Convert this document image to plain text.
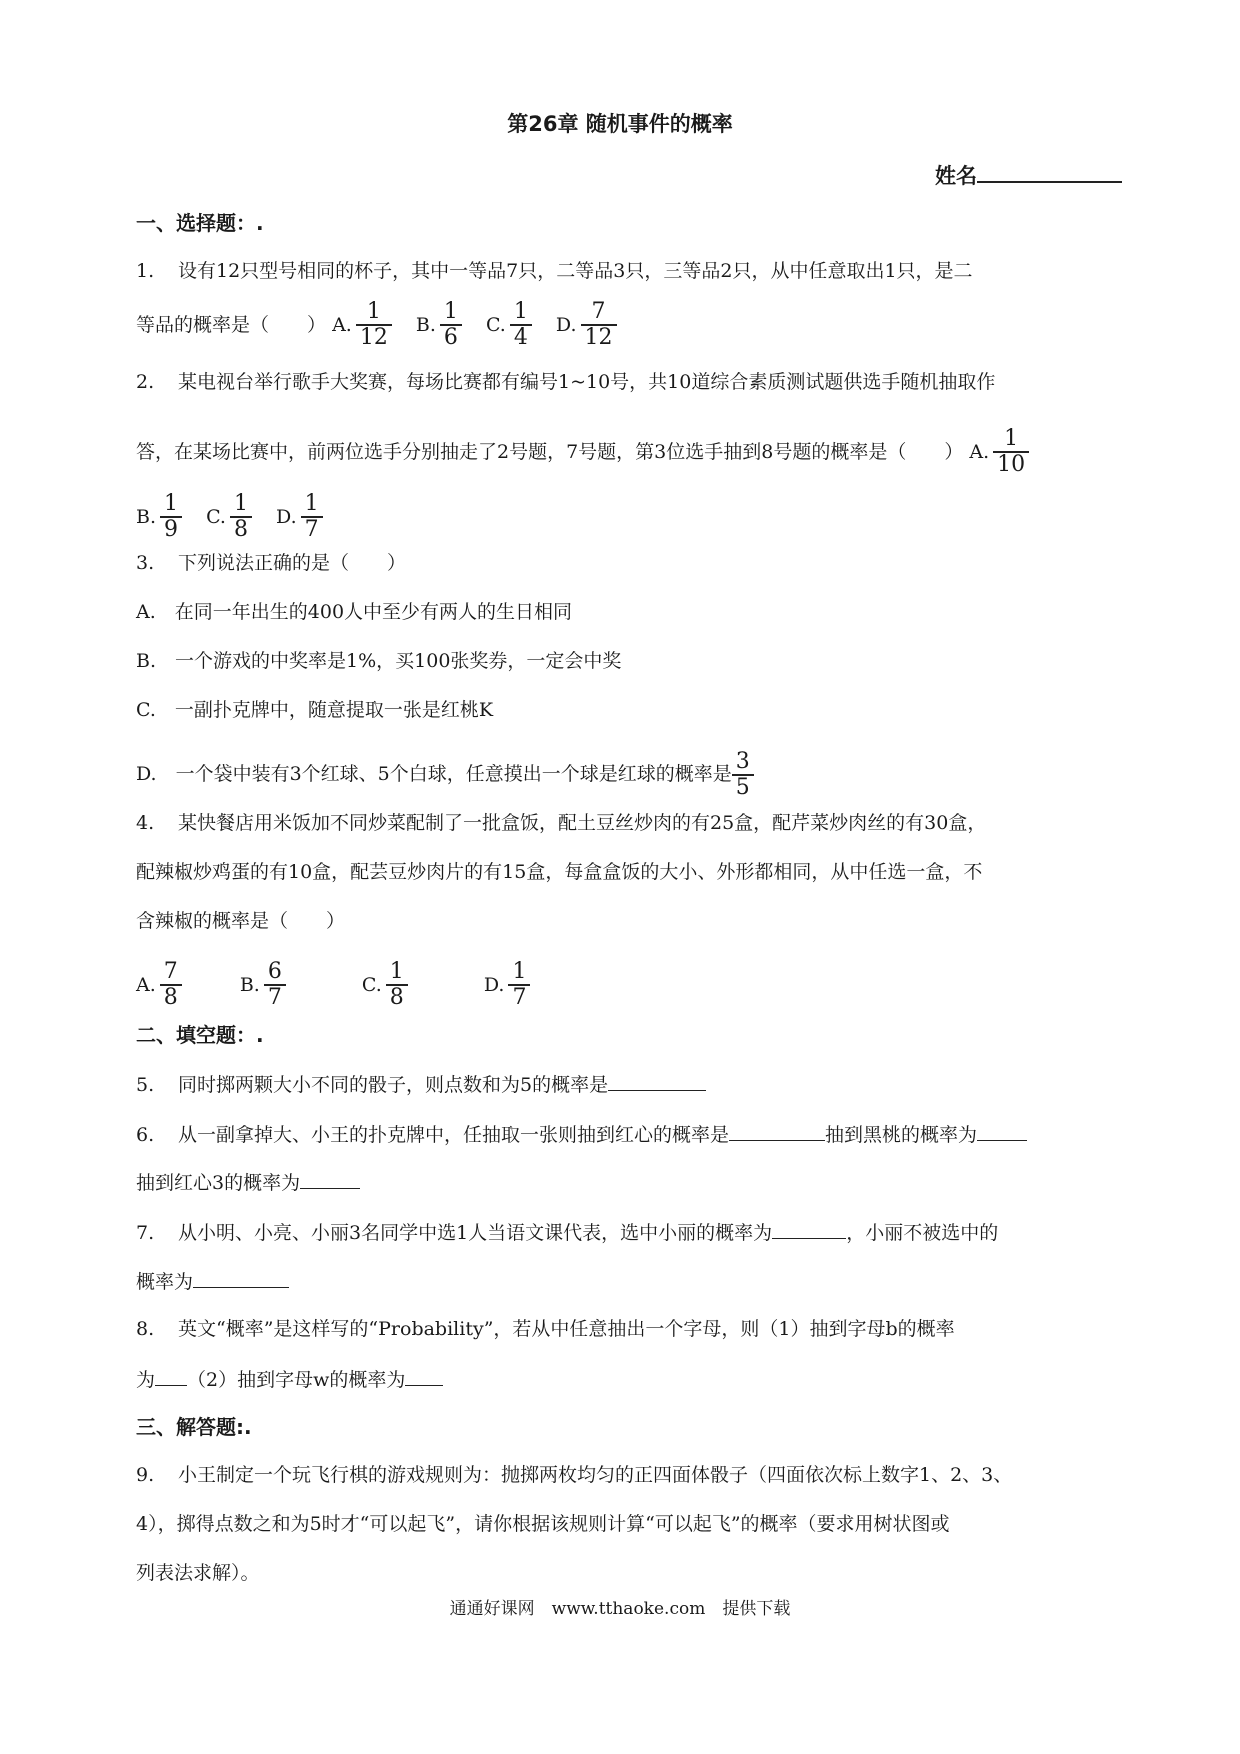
第26章 随机事件的概率
姓名
一、选择题：.
1. 设有12只型号相同的杯子，其中一等品7只，二等品3只，三等品2只，从中任意取出1只，是二
等品的概率是（　　） A. $\frac{1}{12}$
B. $\frac{1}{6}$
C. $\frac{1}{4}$
D. $\frac{7}{12}$
2. 某电视台举行歌手大奖赛，每场比赛都有编号1~10号，共10道综合素质测试题供选手随机抽取作
答，在某场比赛中，前两位选手分别抽走了2号题，7号题，第3位选手抽到8号题的概率是（　　） A. $\frac{1}{10}$
B. $\frac{1}{9}$
C. $\frac{1}{8}$
D. $\frac{1}{7}$
3. 下列说法正确的是（　　）
A.　在同一年出生的400人中至少有两人的生日相同
B.　一个游戏的中奖率是1%，买100张奖券，一定会中奖
C.　一副扑克牌中，随意提取一张是红桃K
D.　一个袋中装有3个红球、5个白球，任意摸出一个球是红球的概率是 $\frac{3}{5}$
4. 某快餐店用米饭加不同炒菜配制了一批盒饭，配土豆丝炒肉的有25盒，配芹菜炒肉丝的有30盒，
配辣椒炒鸡蛋的有10盒，配芸豆炒肉片的有15盒，每盒盒饭的大小、外形都相同，从中任选一盒，不
含辣椒的概率是（　　）
A. $\frac{7}{8}$
	B. $\frac{6}{7}$
	C. $\frac{1}{8}$
	D. $\frac{1}{7}$
二、填空题：.
5. 同时掷两颗大小不同的骰子，则点数和为5的概率是
6. 从一副拿掉大、小王的扑克牌中，任抽取一张则抽到红心的概率是	抽到黑桃的概率为
抽到红心3的概率为
7. 从小明、小亮、小丽3名同学中选1人当语文课代表，选中小丽的概率为	，小丽不被选中的
概率为
8. 英文“概率”是这样写的“Probability”，若从中任意抽出一个字母，则（1）抽到字母b的概率
为 （2）抽到字母w的概率为
三、解答题:.
9. 小王制定一个玩飞行棋的游戏规则为：抛掷两枚均匀的正四面体骰子（四面依次标上数字1、2、3、
4），掷得点数之和为5时才“可以起飞”，请你根据该规则计算“可以起飞”的概率（要求用树状图或
列表法求解）。
通通好课网　www.tthaoke.com　提供下载
